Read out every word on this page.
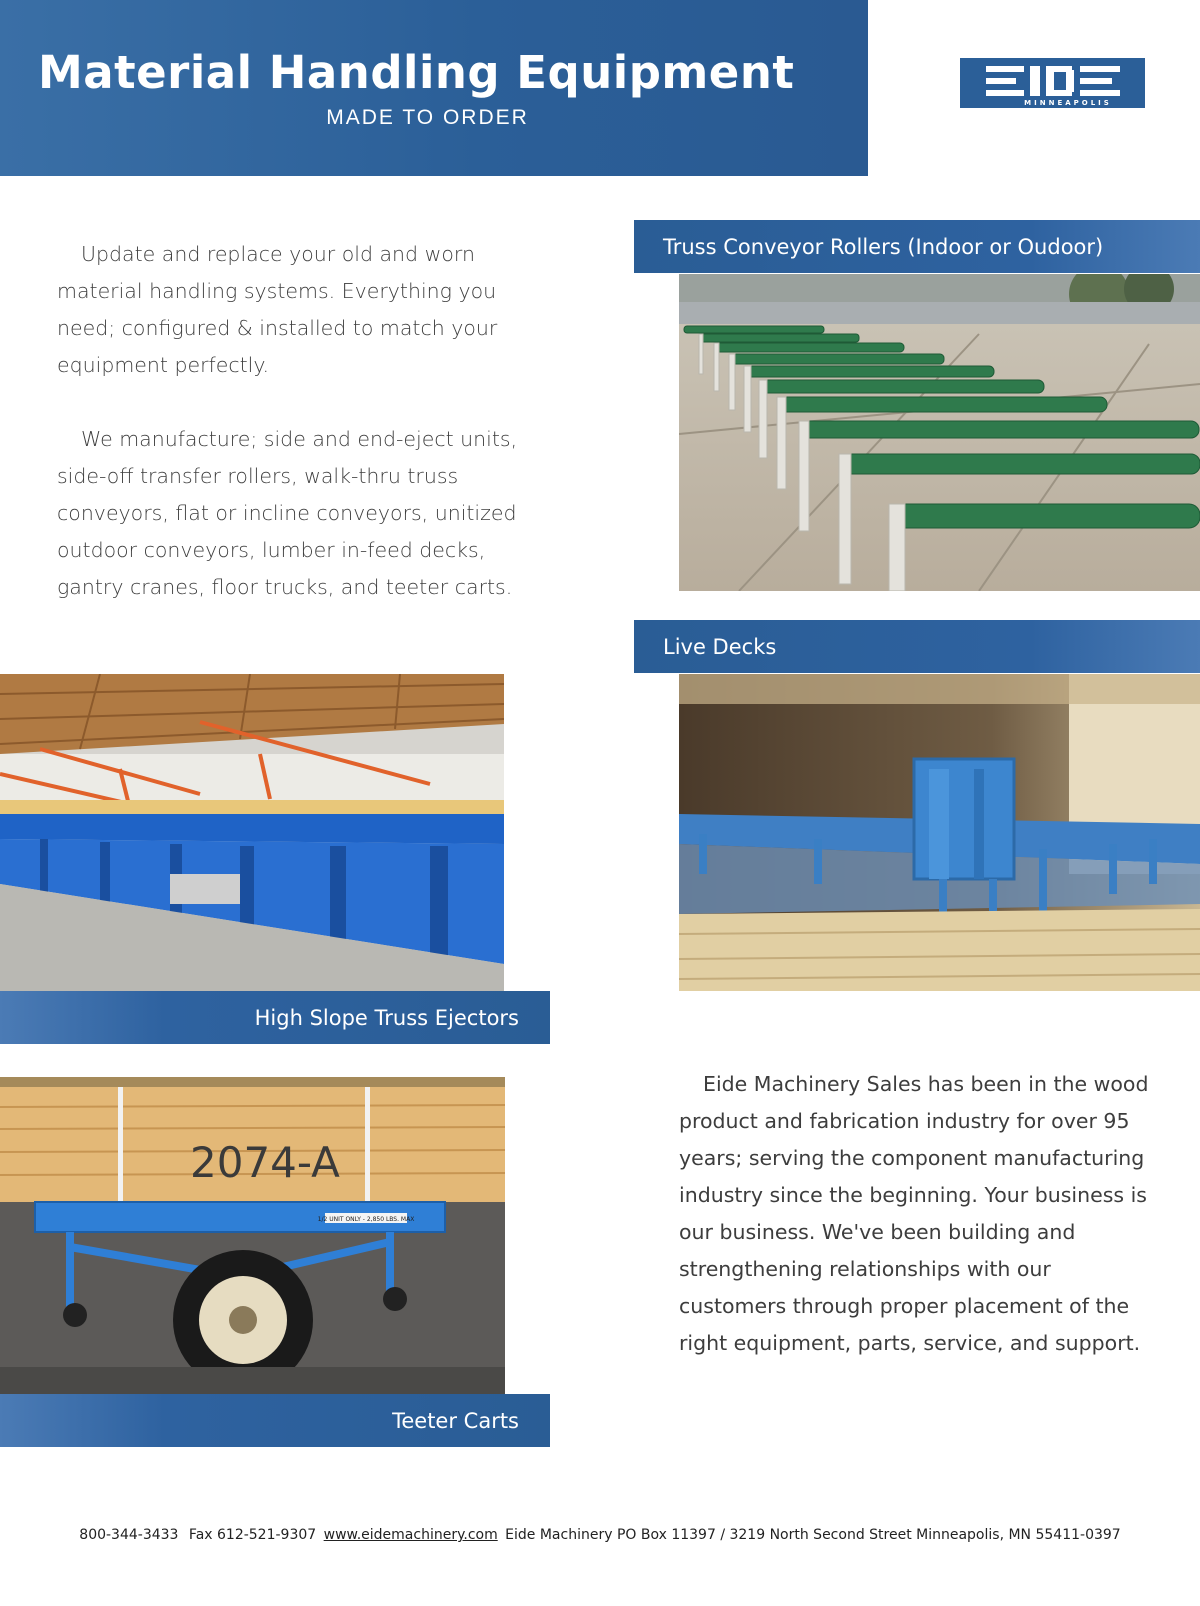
Material Handling Equipment
MADE TO ORDER
MINNEAPOLIS

Update and replace your old and worn material handling systems. Everything you need; configured & installed to match your equipment perfectly.

We manufacture; side and end-eject units, side-off transfer rollers, walk-thru truss conveyors, flat or incline conveyors, unitized outdoor conveyors, lumber in-feed decks, gantry cranes, floor trucks, and teeter carts.

Truss Conveyor Rollers (Indoor or Oudoor)
Live Decks
High Slope Truss Ejectors
2074-A
1/2 UNIT ONLY - 2,850 LBS. MAX
Teeter Carts

Eide Machinery Sales has been in the wood product and fabrication industry for over 95 years; serving the component manufacturing industry since the beginning. Your business is our business. We've been building and strengthening relationships with our customers through proper placement of the right equipment, parts, service, and support.

800-344-3433 Fax 612-521-9307 www.eidemachinery.com Eide Machinery PO Box 11397 / 3219 North Second Street Minneapolis, MN 55411-0397
